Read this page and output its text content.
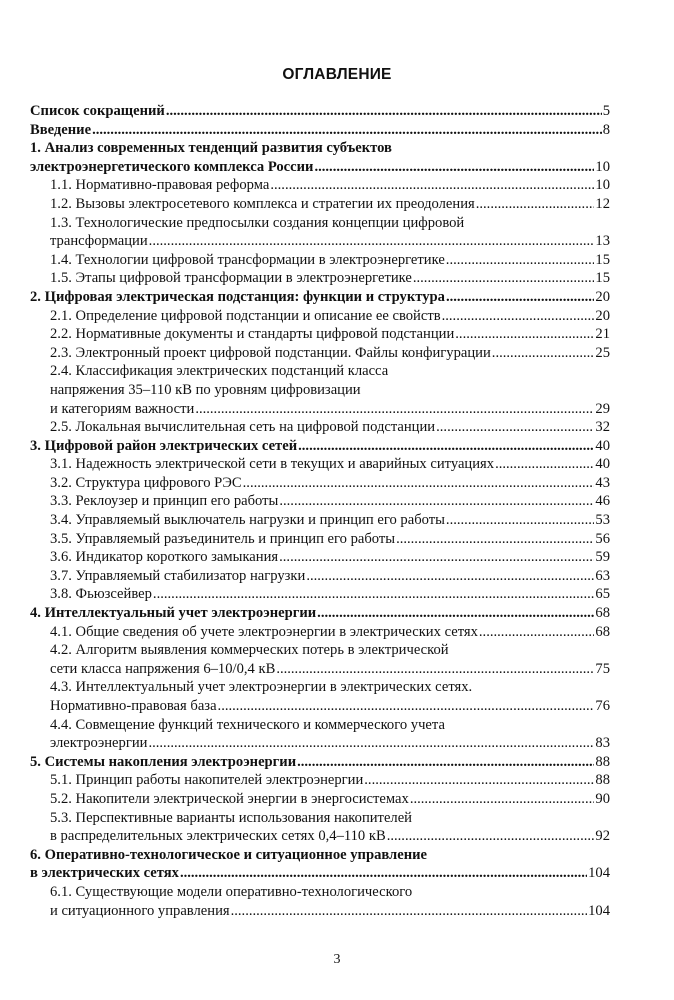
ОГЛАВЛЕНИЕ
Список сокращений .....	5
Введение .....	8
1. Анализ современных тенденций развития субъектов
электроэнергетического комплекса России .....	10
1.1. Нормативно-правовая реформа .....	10
1.2. Вызовы электросетевого комплекса и стратегии их преодоления .....	12
1.3. Технологические предпосылки создания концепции цифровой
трансформации .....	13
1.4. Технологии цифровой трансформации в электроэнергетике .....	15
1.5. Этапы цифровой трансформации в электроэнергетике .....	15
2. Цифровая электрическая подстанция: функции и структура .....	20
2.1. Определение цифровой подстанции и описание ее свойств .....	20
2.2. Нормативные документы и стандарты цифровой подстанции .....	21
2.3. Электронный проект цифровой подстанции. Файлы конфигурации .....	25
2.4. Классификация электрических подстанций класса
напряжения 35–110 кВ по уровням цифровизации
и категориям важности .....	29
2.5. Локальная вычислительная сеть на цифровой подстанции .....	32
3. Цифровой район электрических сетей .....	40
3.1. Надежность электрической сети в текущих и аварийных ситуациях .....	40
3.2. Структура цифрового РЭС .....	43
3.3. Реклоузер и принцип его работы .....	46
3.4. Управляемый выключатель нагрузки и принцип его работы .....	53
3.5. Управляемый разъединитель и принцип его работы .....	56
3.6. Индикатор короткого замыкания .....	59
3.7. Управляемый стабилизатор нагрузки .....	63
3.8. Фьюзсейвер .....	65
4. Интеллектуальный учет электроэнергии .....	68
4.1. Общие сведения об учете электроэнергии в электрических сетях .....	68
4.2. Алгоритм выявления коммерческих потерь в электрической
сети класса напряжения 6–10/0,4 кВ .....	75
4.3. Интеллектуальный учет электроэнергии в электрических сетях.
Нормативно-правовая база .....	76
4.4. Совмещение функций технического и коммерческого учета
электроэнергии .....	83
5. Системы накопления электроэнергии .....	88
5.1. Принцип работы накопителей электроэнергии .....	88
5.2. Накопители электрической энергии в энергосистемах .....	90
5.3. Перспективные варианты использования накопителей
в распределительных электрических сетях 0,4–110 кВ .....	92
6. Оперативно-технологическое и ситуационное управление
в электрических сетях .....	104
6.1. Существующие модели оперативно-технологического
и ситуационного управления .....	104
3
